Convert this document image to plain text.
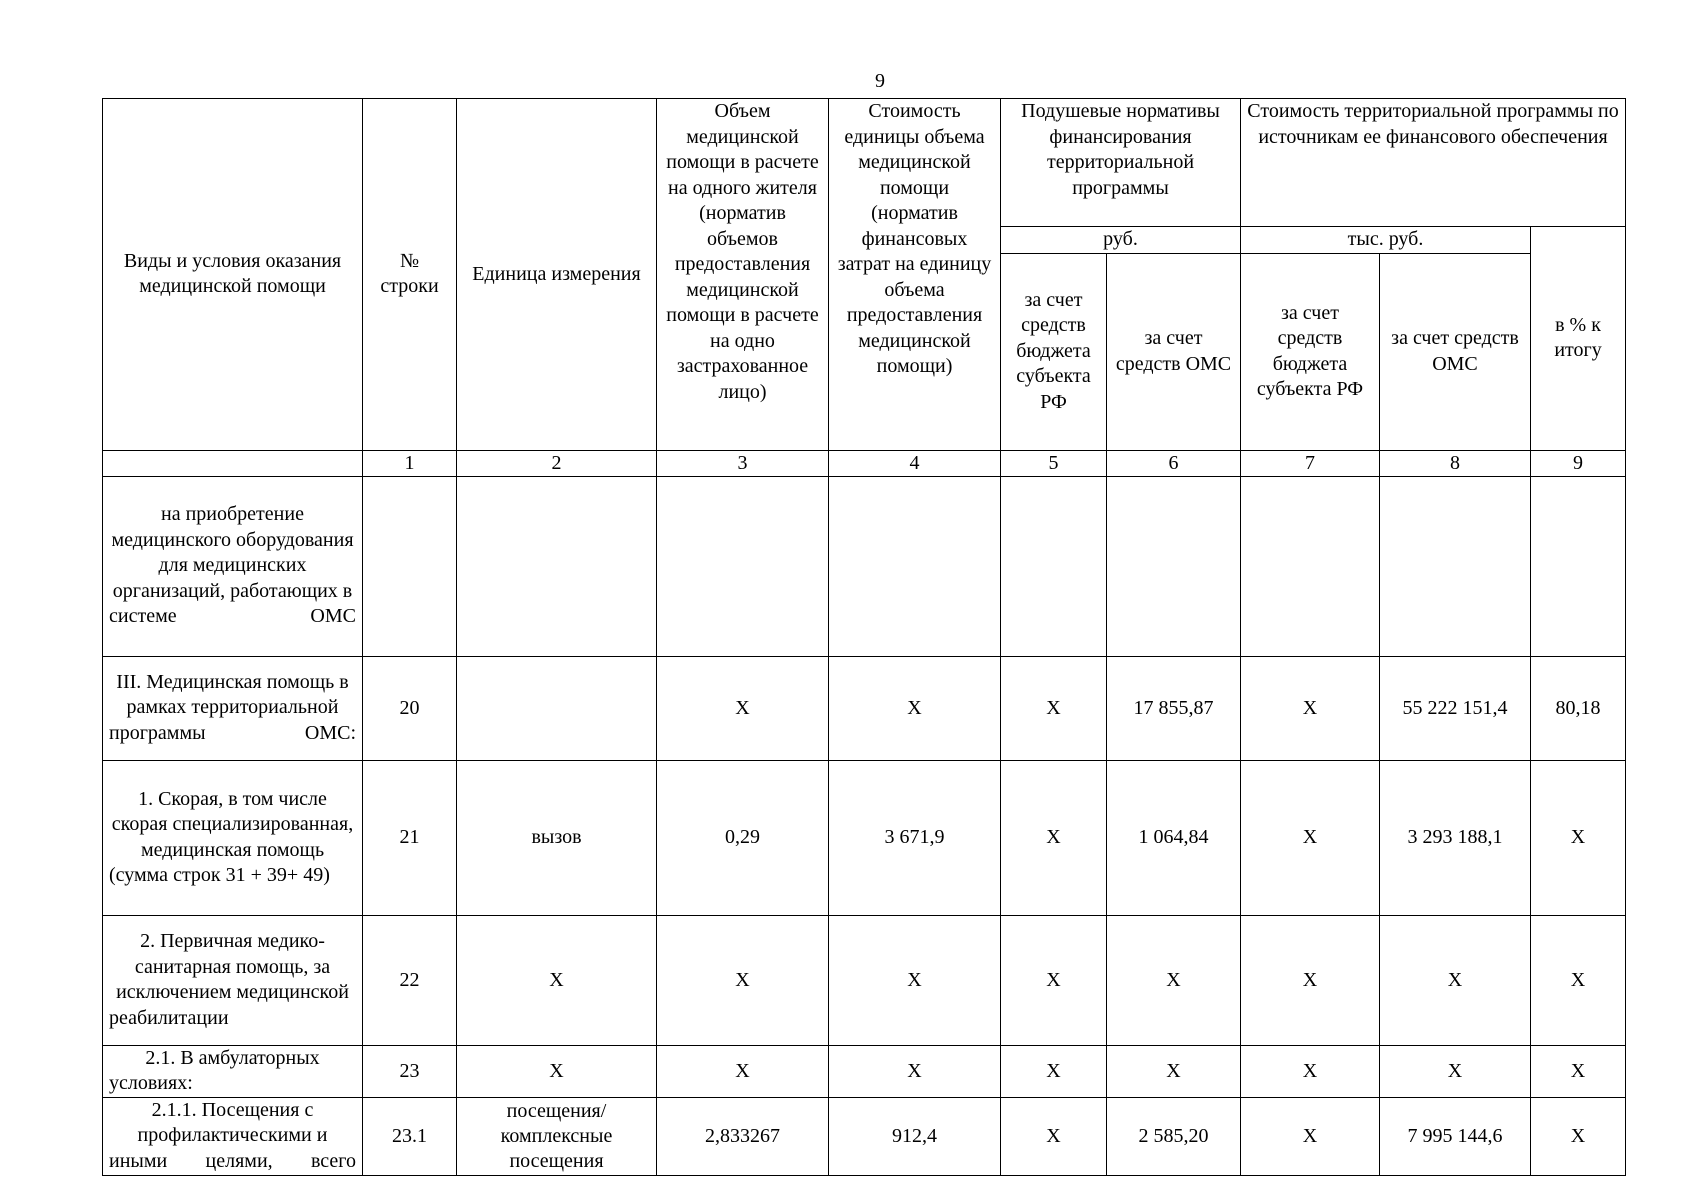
9
Виды и условия оказания медицинской помощи	№ строки	Единица измерения	Объем медицинской помощи в расчете на одного жителя (норматив объемов предоставления медицинской помощи в расчете на одно застрахованное лицо)	Стоимость единицы объема медицинской помощи (норматив финансовых затрат на единицу объема предоставления медицинской помощи)	Подушевые нормативы финансирования территориальной программы		Стоимость территориальной программы по источникам ее финансового обеспечения		
					руб.		тыс. руб.		в % к итогу
					за счет средств бюджета субъекта РФ	за счет средств ОМС	за счет средств бюджета субъекта РФ	за счет средств ОМС	
	1	2	3	4	5	6	7	8	9
на приобретение медицинского оборудования для медицинских организаций, работающих в системе ОМС									
III. Медицинская помощь в рамках территориальной программы ОМС:	20		X	X	X	17 855,87	X	55 222 151,4	80,18
1. Скорая, в том числе скорая специализированная, медицинская помощь (сумма строк 31 + 39+ 49)	21	вызов	0,29	3 671,9	X	1 064,84	X	3 293 188,1	X
2. Первичная медико-санитарная помощь, за исключением медицинской реабилитации	22	X	X	X	X	X	X	X	X
2.1. В амбулаторных условиях:	23	X	X	X	X	X	X	X	X
2.1.1. Посещения с профилактическими и иными целями, всего	23.1	посещения/ комплексные посещения	2,833267	912,4	X	2 585,20	X	7 995 144,6	X
